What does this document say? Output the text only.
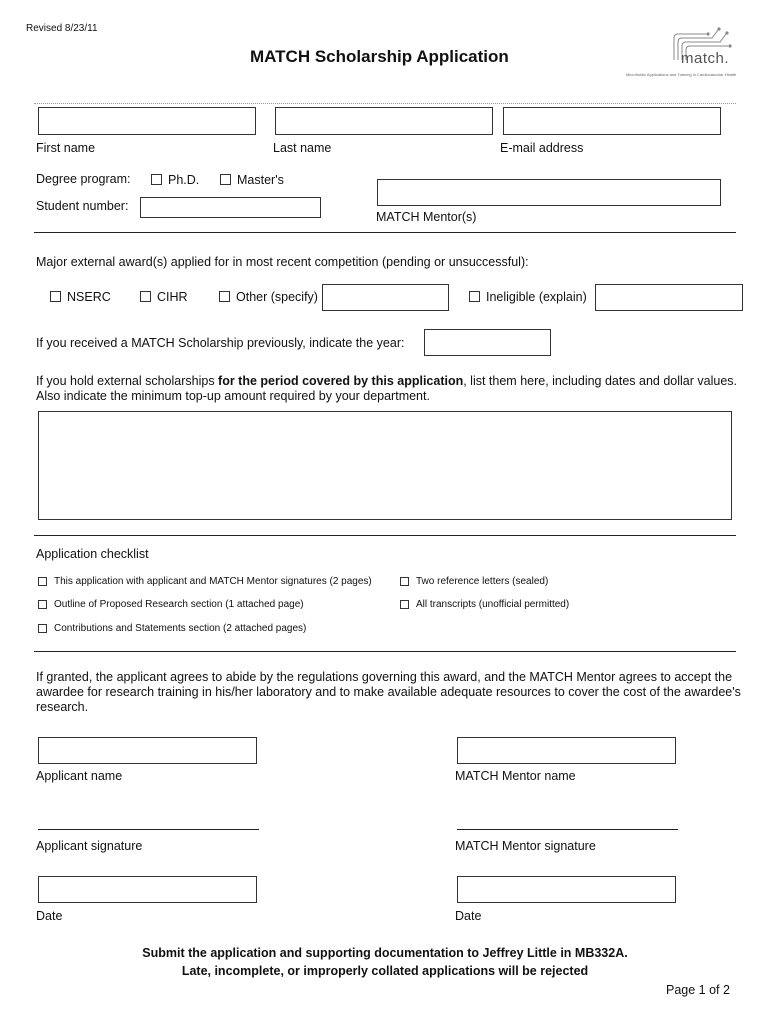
Revised 8/23/11
MATCH Scholarship Application	match.
Microfluidic Applications and Training in Cardiovascular Health
First name	Last name	E-mail address
Degree program:	Ph.D.	Master's
MATCH Mentor(s)
Student number:
Major external award(s) applied for in most recent competition (pending or unsuccessful):
NSERC	CIHR	Other (specify)	Ineligible (explain)
If you received a MATCH Scholarship previously, indicate the year:
If you hold external scholarships for the period covered by this application, list them here, including dates and dollar values.
Also indicate the minimum top-up amount required by your department.
Application checklist
This application with applicant and MATCH Mentor signatures (2 pages)
Outline of Proposed Research section (1 attached page)
Contributions and Statements section (2 attached pages)
Two reference letters (sealed)
All transcripts (unofficial permitted)
If granted, the applicant agrees to abide by the regulations governing this award, and the MATCH Mentor agrees to accept the
awardee for research training in his/her laboratory and to make available adequate resources to cover the cost of the awardee's
research.
Applicant name	MATCH Mentor name
Applicant signature	MATCH Mentor signature
Date	Date
Submit the application and supporting documentation to Jeffrey Little in MB332A.
Late, incomplete, or improperly collated applications will be rejected
Page 1 of 2
